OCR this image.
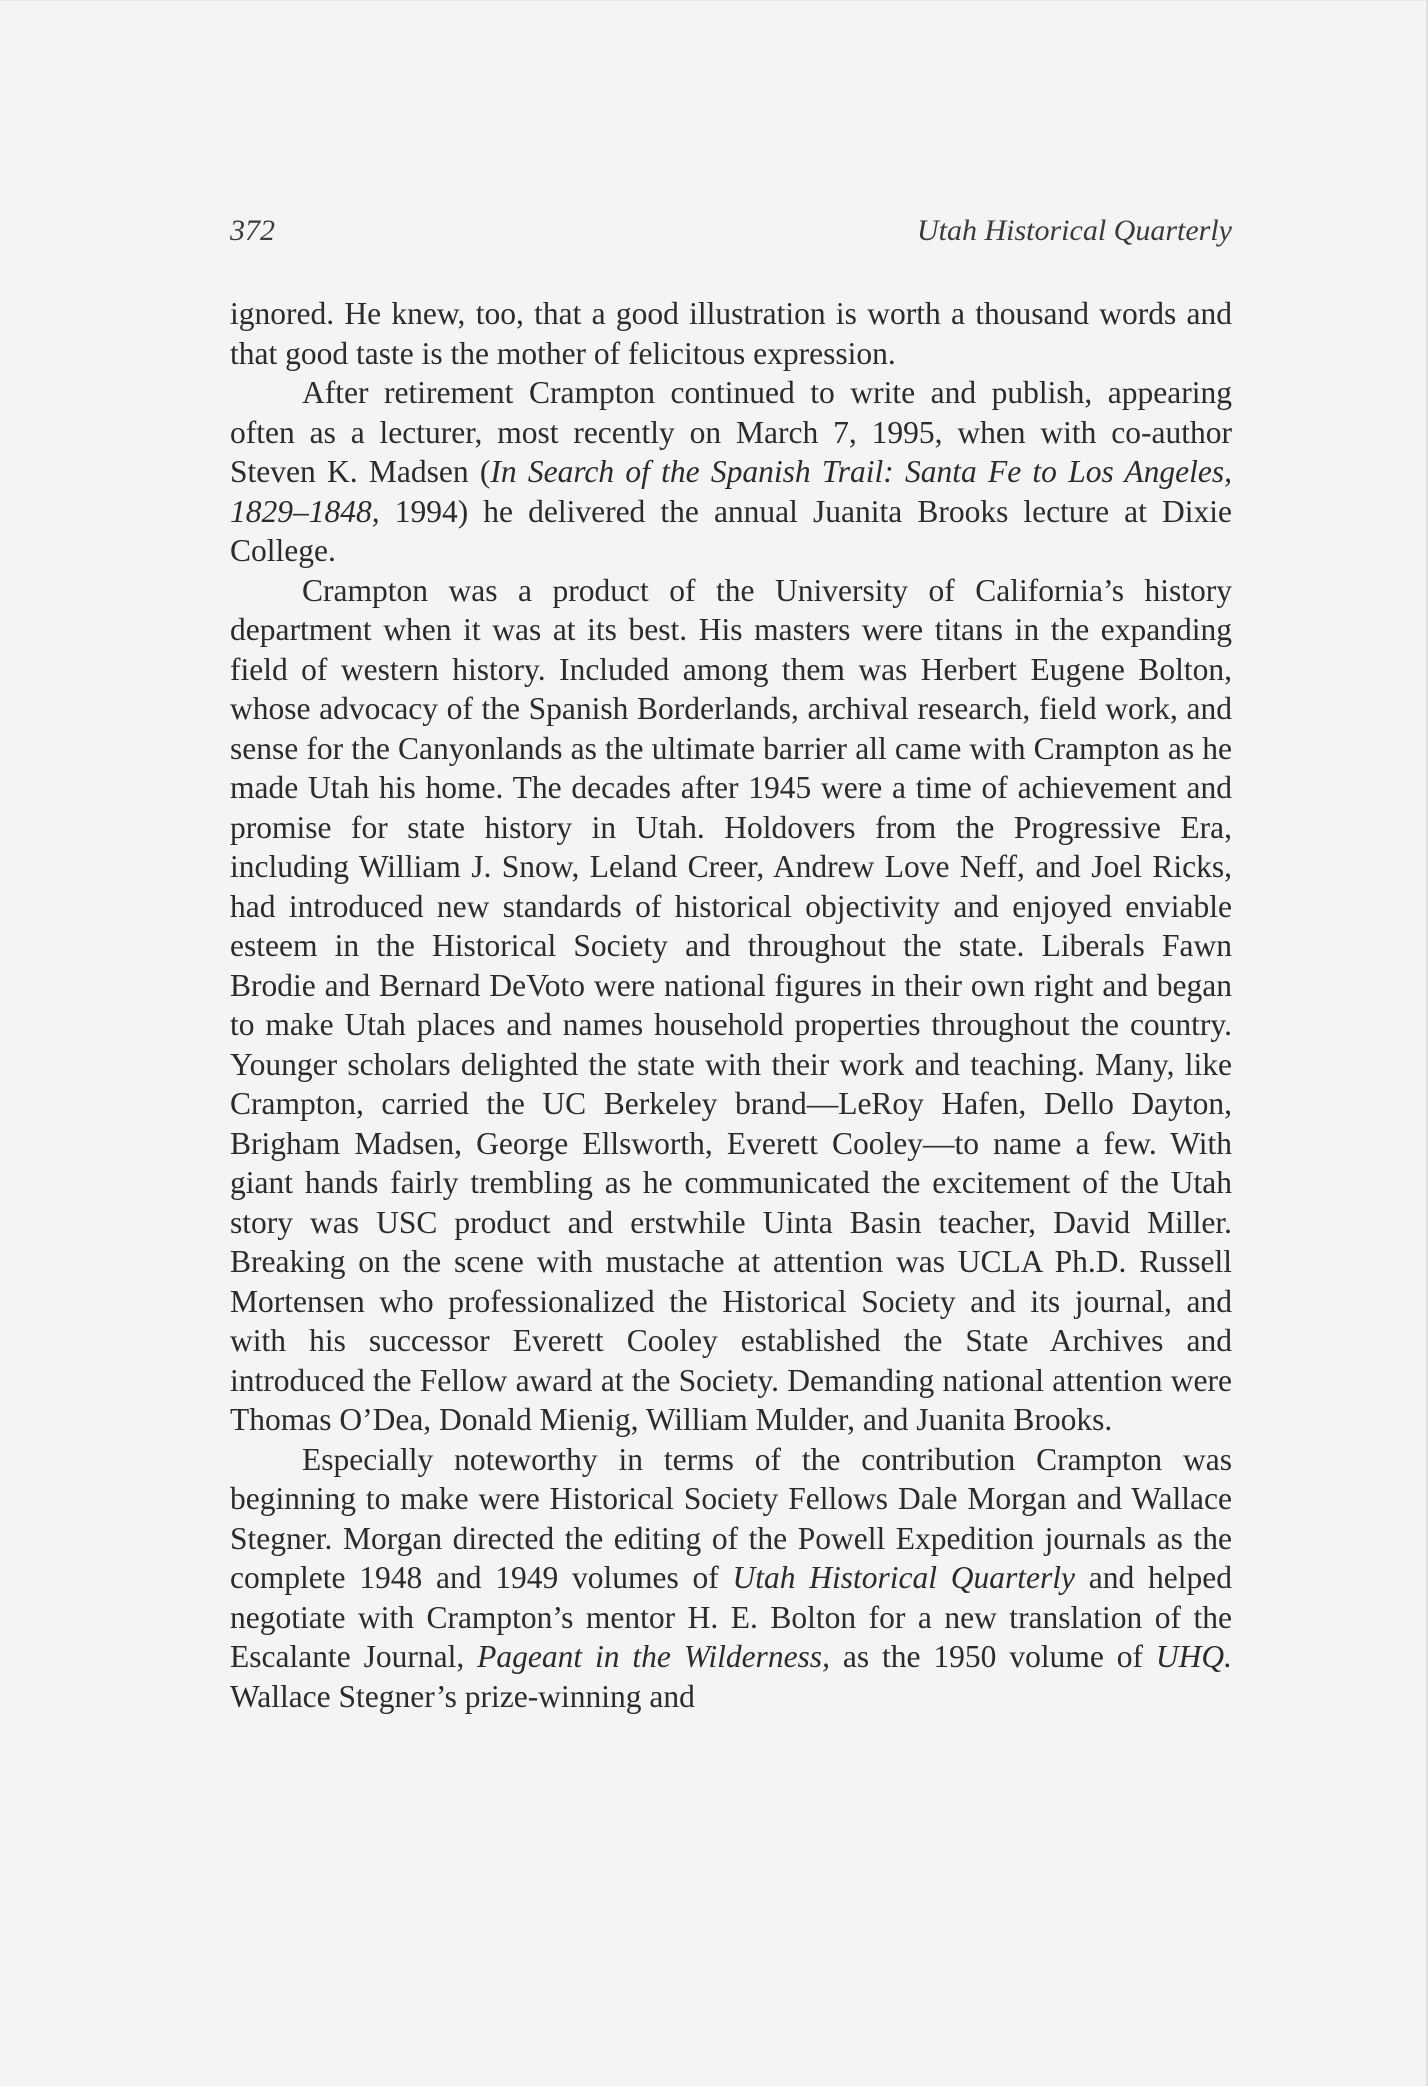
372	Utah Historical Quarterly

ignored. He knew, too, that a good illustration is worth a thousand words and that good taste is the mother of felicitous expression.

After retirement Crampton continued to write and publish, appearing often as a lecturer, most recently on March 7, 1995, when with co-author Steven K. Madsen (In Search of the Spanish Trail: Santa Fe to Los Angeles, 1829–1848, 1994) he delivered the annual Juanita Brooks lecture at Dixie College.

Crampton was a product of the University of California’s history department when it was at its best. His masters were titans in the expanding field of western history. Included among them was Herbert Eugene Bolton, whose advocacy of the Spanish Borderlands, archival research, field work, and sense for the Canyonlands as the ultimate barrier all came with Crampton as he made Utah his home. The decades after 1945 were a time of achievement and promise for state history in Utah. Holdovers from the Progressive Era, including William J. Snow, Leland Creer, Andrew Love Neff, and Joel Ricks, had introduced new standards of historical objectivity and enjoyed enviable esteem in the Historical Society and throughout the state. Liberals Fawn Brodie and Bernard DeVoto were national figures in their own right and began to make Utah places and names household properties throughout the country. Younger scholars delighted the state with their work and teaching. Many, like Crampton, carried the UC Berkeley brand—LeRoy Hafen, Dello Dayton, Brigham Madsen, George Ellsworth, Everett Cooley—to name a few. With giant hands fairly trembling as he communicated the excitement of the Utah story was USC product and erstwhile Uinta Basin teacher, David Miller. Breaking on the scene with mustache at attention was UCLA Ph.D. Russell Mortensen who professionalized the Historical Society and its journal, and with his successor Everett Cooley established the State Archives and introduced the Fellow award at the Society. Demanding national attention were Thomas O’Dea, Donald Mienig, William Mulder, and Juanita Brooks.

Especially noteworthy in terms of the contribution Crampton was beginning to make were Historical Society Fellows Dale Morgan and Wallace Stegner. Morgan directed the editing of the Powell Expedition journals as the complete 1948 and 1949 volumes of Utah Historical Quarterly and helped negotiate with Crampton’s mentor H. E. Bolton for a new translation of the Escalante Journal, Pageant in the Wilderness, as the 1950 volume of UHQ. Wallace Stegner’s prize-winning and
